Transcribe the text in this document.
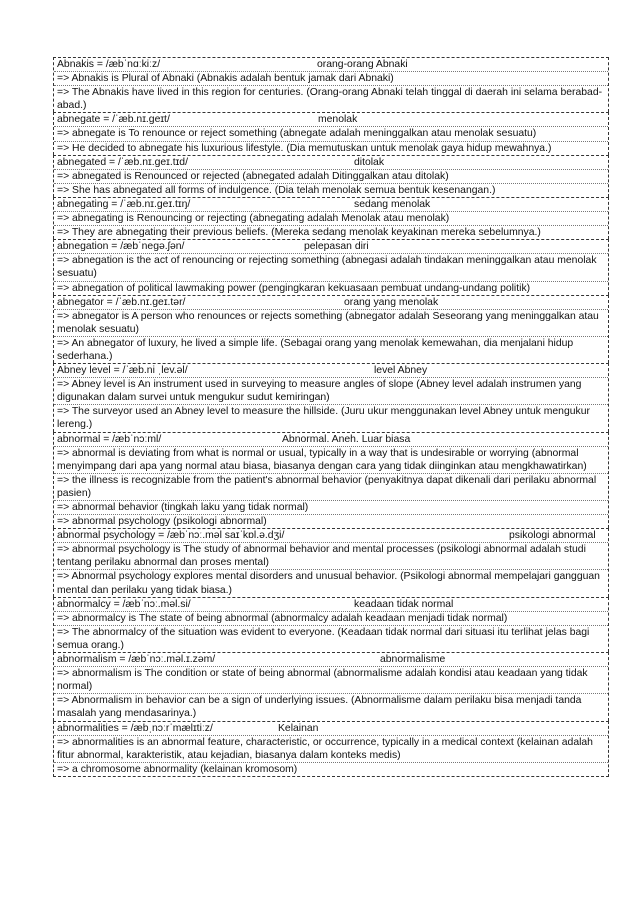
Abnakis = /æbˈnɑːkiːz/	orang-orang Abnaki
=> Abnakis is Plural of Abnaki (Abnakis adalah bentuk jamak dari Abnaki)
=> The Abnakis have lived in this region for centuries. (Orang-orang Abnaki telah tinggal di daerah ini selama berabad-abad.)
abnegate = /ˈæb.nɪ.geɪt/	menolak
=> abnegate is To renounce or reject something (abnegate adalah meninggalkan atau menolak sesuatu)
=> He decided to abnegate his luxurious lifestyle. (Dia memutuskan untuk menolak gaya hidup mewahnya.)
abnegated = /ˈæb.nɪ.geɪ.tɪd/	ditolak
=> abnegated is Renounced or rejected (abnegated adalah Ditinggalkan atau ditolak)
=> She has abnegated all forms of indulgence. (Dia telah menolak semua bentuk kesenangan.)
abnegating = /ˈæb.nɪ.geɪ.tɪŋ/	sedang menolak
=> abnegating is Renouncing or rejecting (abnegating adalah Menolak atau menolak)
=> They are abnegating their previous beliefs. (Mereka sedang menolak keyakinan mereka sebelumnya.)
abnegation = /æbˈnegə.ʃən/	pelepasan diri
=> abnegation is the act of renouncing or rejecting something (abnegasi adalah tindakan meninggalkan atau menolak sesuatu)
=> abnegation of political lawmaking power (pengingkaran kekuasaan pembuat undang-undang politik)
abnegator = /ˈæb.nɪ.geɪ.tər/	orang yang menolak
=> abnegator is A person who renounces or rejects something (abnegator adalah Seseorang yang meninggalkan atau menolak sesuatu)
=> An abnegator of luxury, he lived a simple life. (Sebagai orang yang menolak kemewahan, dia menjalani hidup sederhana.)
Abney level = /ˈæb.ni ˌlev.əl/	level Abney
=> Abney level is An instrument used in surveying to measure angles of slope (Abney level adalah instrumen yang digunakan dalam survei untuk mengukur sudut kemiringan)
=> The surveyor used an Abney level to measure the hillside. (Juru ukur menggunakan level Abney untuk mengukur lereng.)
abnormal = /æbˈnɔːml/	Abnormal. Aneh. Luar biasa
=> abnormal is deviating from what is normal or usual, typically in a way that is undesirable or worrying (abnormal menyimpang dari apa yang normal atau biasa, biasanya dengan cara yang tidak diinginkan atau mengkhawatirkan)
=> the illness is recognizable from the patient's abnormal behavior (penyakitnya dapat dikenali dari perilaku abnormal pasien)
=> abnormal behavior (tingkah laku yang tidak normal)
=> abnormal psychology (psikologi abnormal)
abnormal psychology = /æbˈnɔː.məl saɪˈkɒl.ə.dʒi/	psikologi abnormal
=> abnormal psychology is The study of abnormal behavior and mental processes (psikologi abnormal adalah studi tentang perilaku abnormal dan proses mental)
=> Abnormal psychology explores mental disorders and unusual behavior. (Psikologi abnormal mempelajari gangguan mental dan perilaku yang tidak biasa.)
abnormalcy = /æbˈnɔː.məl.si/	keadaan tidak normal
=> abnormalcy is The state of being abnormal (abnormalcy adalah keadaan menjadi tidak normal)
=> The abnormalcy of the situation was evident to everyone. (Keadaan tidak normal dari situasi itu terlihat jelas bagi semua orang.)
abnormalism = /æbˈnɔː.məl.ɪ.zəm/	abnormalisme
=> abnormalism is The condition or state of being abnormal (abnormalisme adalah kondisi atau keadaan yang tidak normal)
=> Abnormalism in behavior can be a sign of underlying issues. (Abnormalisme dalam perilaku bisa menjadi tanda masalah yang mendasarinya.)
abnormalities = /æbˌnɔːrˈmælɪtiːz/	Kelainan
=> abnormalities is an abnormal feature, characteristic, or occurrence, typically in a medical context (kelainan adalah fitur abnormal, karakteristik, atau kejadian, biasanya dalam konteks medis)
=> a chromosome abnormality (kelainan kromosom)
